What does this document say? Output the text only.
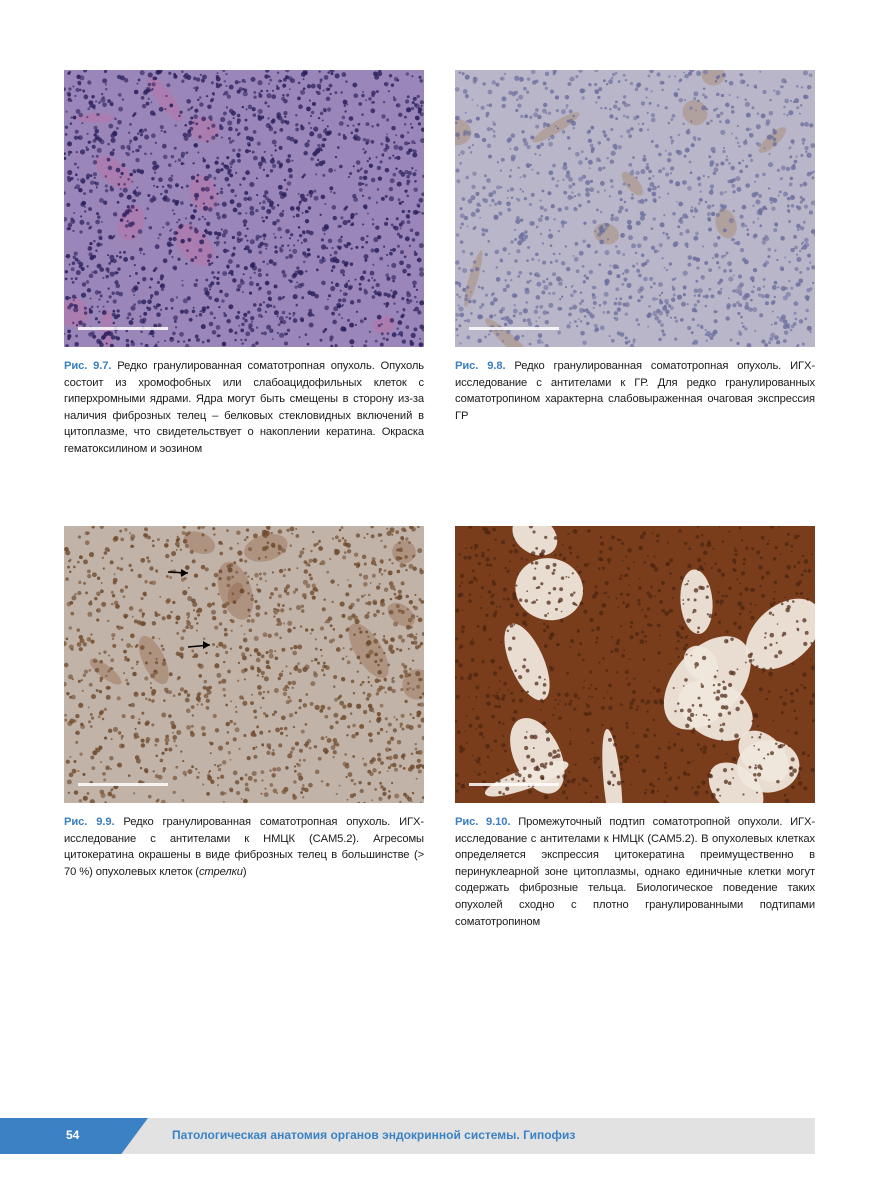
Рис. 9.7. Редко гранулированная соматотропная опухоль. Опухоль состоит из хромофобных или слабоацидофильных клеток с гиперхромными ядрами. Ядра могут быть смещены в сторону из-за наличия фиброзных телец – белковых стекловидных включений в цитоплазме, что свидетельствует о накоплении кератина. Окраска гематоксилином и эозином
Рис. 9.8. Редко гранулированная соматотропная опухоль. ИГХ-исследование с антителами к ГР. Для редко гранулированных соматотропином характерна слабовыраженная очаговая экспрессия ГР
Рис. 9.9. Редко гранулированная соматотропная опухоль. ИГХ-исследование с антителами к НМЦК (CAM5.2). Агресомы цитокератина окрашены в виде фиброзных телец в большинстве (> 70 %) опухолевых клеток (стрелки)
Рис. 9.10. Промежуточный подтип соматотропной опухоли. ИГХ-исследование с антителами к НМЦК (CAM5.2). В опухолевых клетках определяется экспрессия цитокератина преимущественно в перинуклеарной зоне цитоплазмы, однако единичные клетки могут содержать фиброзные тельца. Биологическое поведение таких опухолей сходно с плотно гранулированными подтипами соматотропином
54	Патологическая анатомия органов эндокринной системы. Гипофиз
